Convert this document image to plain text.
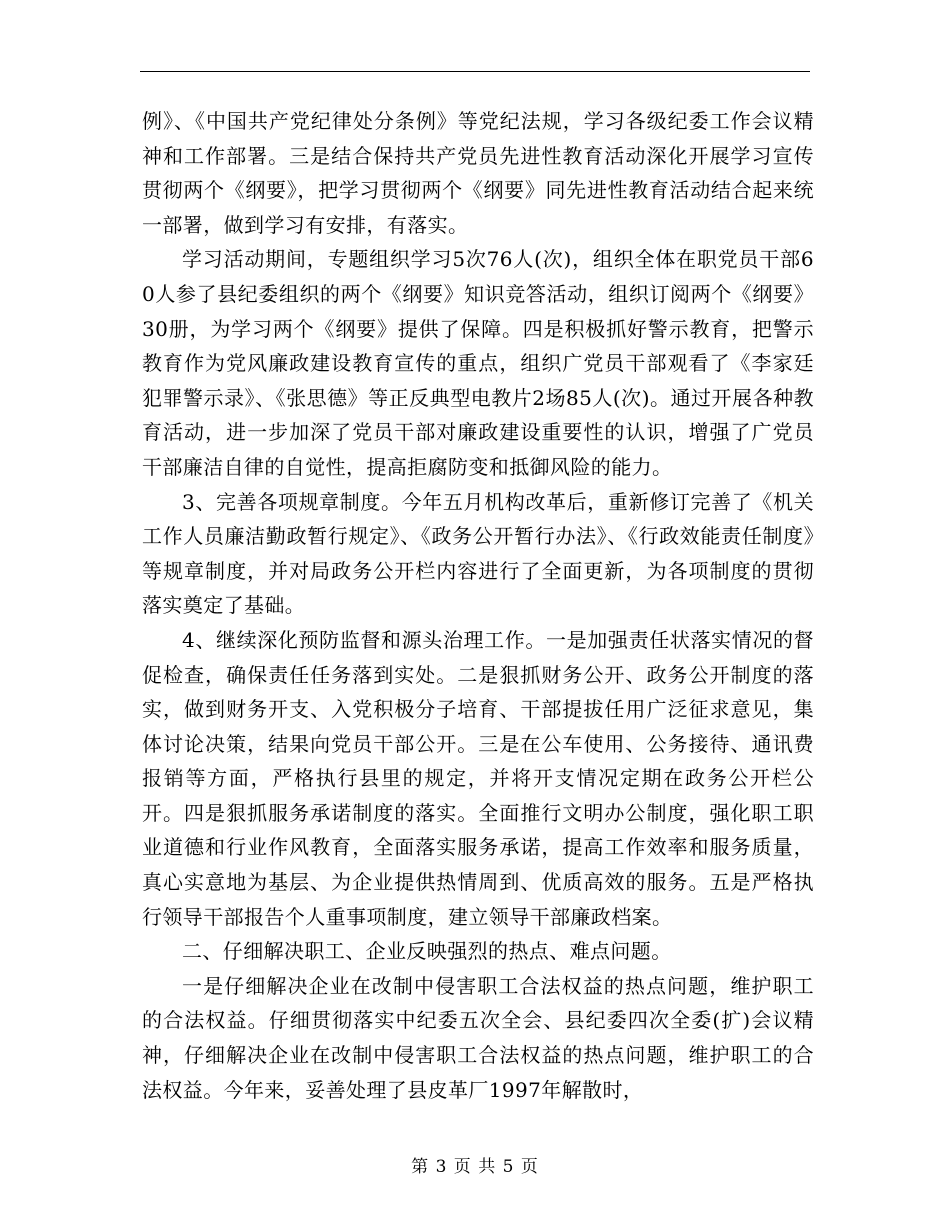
例》、《中国共产党纪律处分条例》等党纪法规，学习各级纪委工作会议精神和工作部署。三是结合保持共产党员先进性教育活动深化开展学习宣传贯彻两个《纲要》，把学习贯彻两个《纲要》同先进性教育活动结合起来统一部署，做到学习有安排，有落实。

学习活动期间，专题组织学习5次76人(次)，组织全体在职党员干部60人参了县纪委组织的两个《纲要》知识竞答活动，组织订阅两个《纲要》30册，为学习两个《纲要》提供了保障。四是积极抓好警示教育，把警示教育作为党风廉政建设教育宣传的重点，组织广党员干部观看了《李家廷犯罪警示录》、《张思德》等正反典型电教片2场85人(次)。通过开展各种教育活动，进一步加深了党员干部对廉政建设重要性的认识，增强了广党员干部廉洁自律的自觉性，提高拒腐防变和抵御风险的能力。

3、完善各项规章制度。今年五月机构改革后，重新修订完善了《机关工作人员廉洁勤政暂行规定》、《政务公开暂行办法》、《行政效能责任制度》等规章制度，并对局政务公开栏内容进行了全面更新，为各项制度的贯彻落实奠定了基础。

4、继续深化预防监督和源头治理工作。一是加强责任状落实情况的督促检查，确保责任任务落到实处。二是狠抓财务公开、政务公开制度的落实，做到财务开支、入党积极分子培育、干部提拔任用广泛征求意见，集体讨论决策，结果向党员干部公开。三是在公车使用、公务接待、通讯费报销等方面，严格执行县里的规定，并将开支情况定期在政务公开栏公开。四是狠抓服务承诺制度的落实。全面推行文明办公制度，强化职工职业道德和行业作风教育，全面落实服务承诺，提高工作效率和服务质量，真心实意地为基层、为企业提供热情周到、优质高效的服务。五是严格执行领导干部报告个人重事项制度，建立领导干部廉政档案。

二、仔细解决职工、企业反映强烈的热点、难点问题。

一是仔细解决企业在改制中侵害职工合法权益的热点问题，维护职工的合法权益。仔细贯彻落实中纪委五次全会、县纪委四次全委(扩)会议精神，仔细解决企业在改制中侵害职工合法权益的热点问题，维护职工的合法权益。今年来，妥善处理了县皮革厂1997年解散时，

第 3 页 共 5 页
